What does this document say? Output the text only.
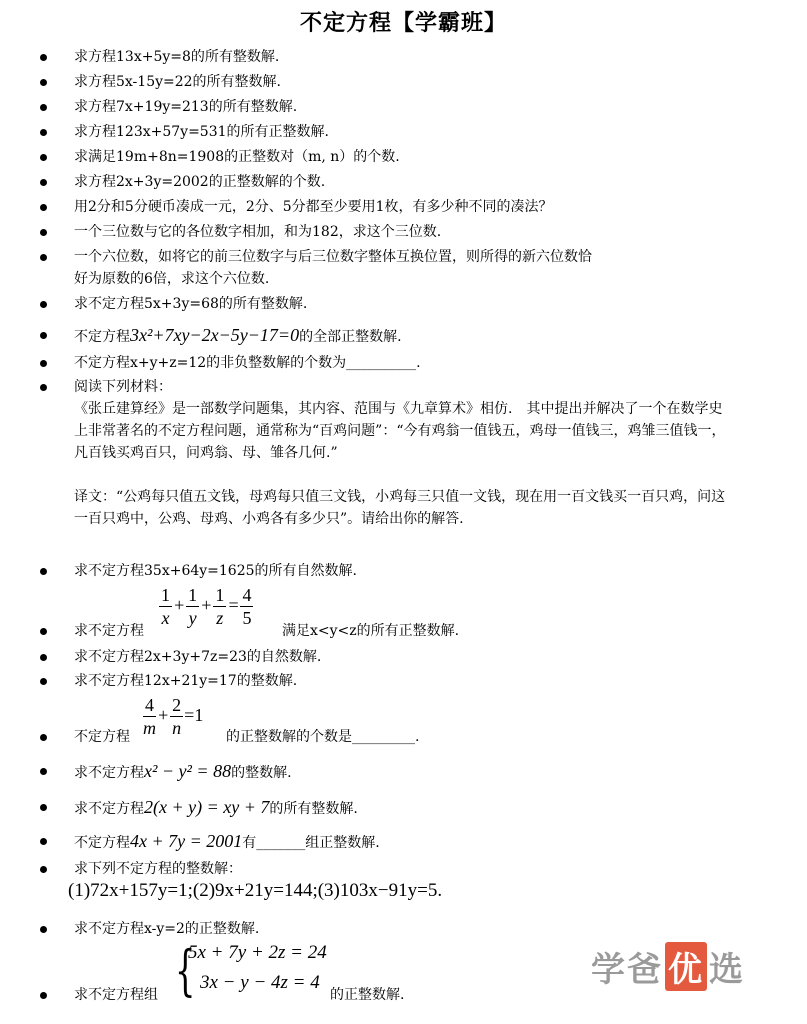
不定方程【学霸班】
求方程13x+5y=8的所有整数解.
求方程5x-15y=22的所有整数解.
求方程7x+19y=213的所有整数解.
求方程123x+57y=531的所有正整数解.
求满足19m+8n=1908的正整数对（m, n）的个数.
求方程2x+3y=2002的正整数解的个数.
用2分和5分硬币凑成一元，2分、5分都至少要用1枚，有多少种不同的凑法？
一个三位数与它的各位数字相加，和为182，求这个三位数.
一个六位数，如将它的前三位数字与后三位数字整体互换位置，则所得的新六位数恰
好为原数的6倍，求这个六位数.
求不定方程5x+3y=68的所有整数解.
不定方程3x²+7xy−2x−5y−17=0的全部正整数解.
不定方程x+y+z=12的非负整数解的个数为__________.
阅读下列材料：
《张丘建算经》是一部数学问题集，其内容、范围与《九章算术》相仿.　其中提出并解决了一个在数学史上非常著名的不定方程问题，通常称为“百鸡问题”：“今有鸡翁一值钱五，鸡母一值钱三，鸡雏三值钱一，凡百钱买鸡百只，问鸡翁、母、雏各几何.”
译文：“公鸡每只值五文钱，母鸡每只值三文钱，小鸡每三只值一文钱，现在用一百文钱买一百只鸡，问这一百只鸡中，公鸡、母鸡、小鸡各有多少只”。请给出你的解答.
求不定方程35x+64y=1625的所有自然数解.
求不定方程
$\frac{1}{x} + \frac{1}{y} + \frac{1}{z} = \frac{4}{5}$
满足x<y<z的所有正整数解.
求不定方程2x+3y+7z=23的自然数解.
求不定方程12x+21y=17的整数解.
不定方程 $\frac{4}{m} + \frac{2}{n} =1$
的正整数解的个数是_________.
求不定方程x² − y² = 88的整数解.
求不定方程2(x + y) = xy + 7的所有整数解.
不定方程4x + 7y = 2001有_______组正整数解.
求下列不定方程的整数解：
(1)72x+157y=1;(2)9x+21y=144;(3)103x−91y=5.
求不定方程x-y=2的正整数解.
求不定方程组 {
5x + 7y + 2z = 24
3x − y − 4z = 4
的正整数解.
学爸 优 选
